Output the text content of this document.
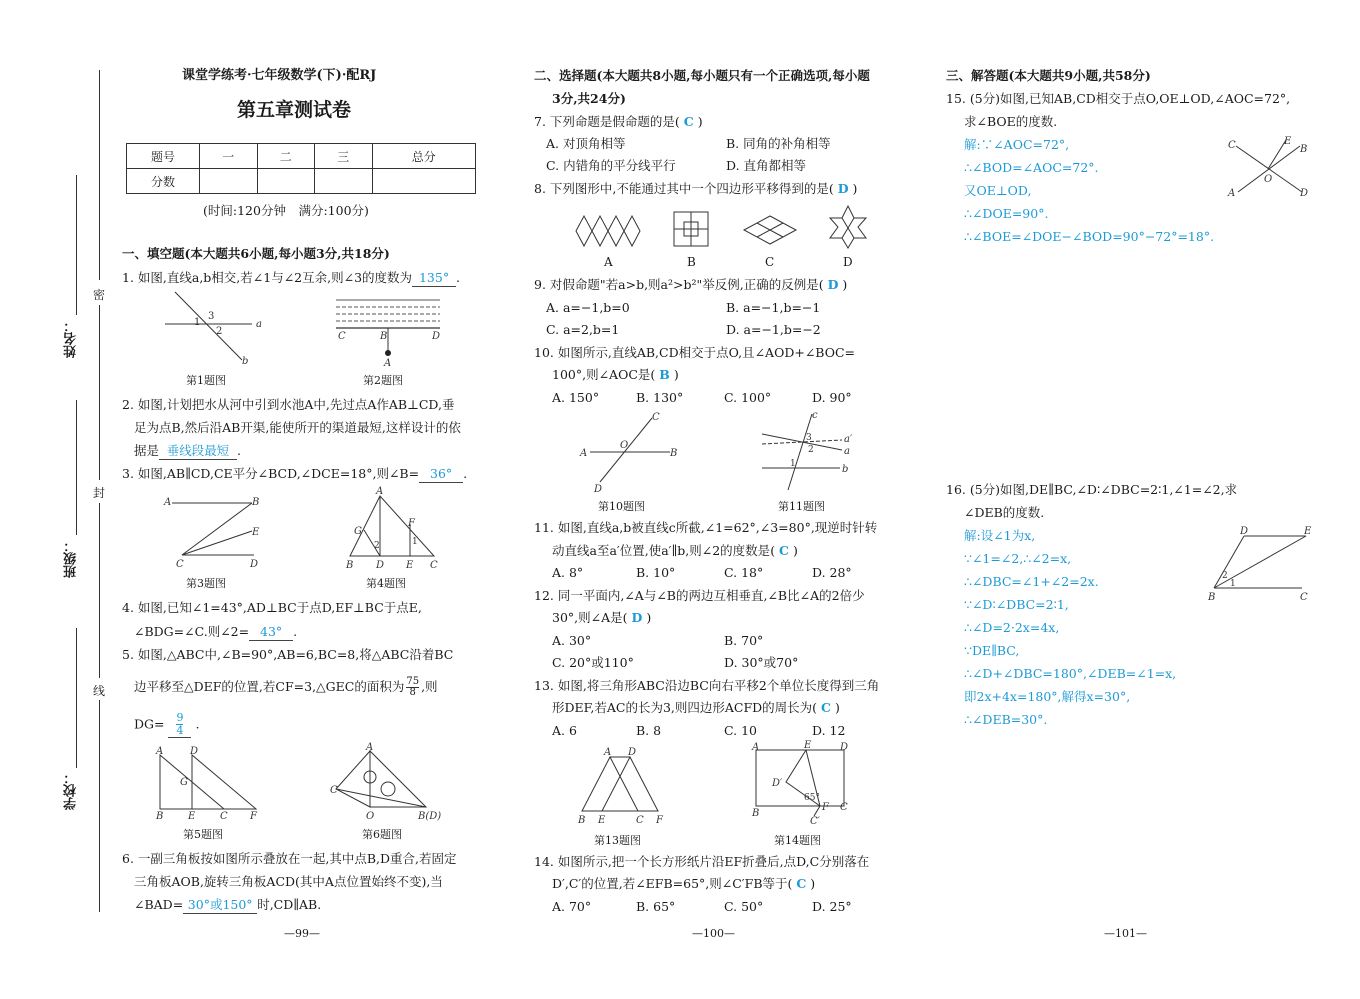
姓名：
班级：
学校：
密
封
线
课堂学练考·七年级数学(下)·配RJ
第五章测试卷
题号	一	二	三	总分
分数				
(时间:120分钟　满分:100分)
一、填空题(本大题共6小题,每小题3分,共18分)
1. 如图,直线a,b相交,若∠1与∠2互余,则∠3的度数为 135° .
1
3
2
a
b
第1题图
C	B	D
A
第2题图
2. 如图,计划把水从河中引到水池A中,先过点A作AB⊥CD,垂
足为点B,然后沿AB开渠,能使所开的渠道最短,这样设计的依
据是 垂线段最短 .
3. 如图,AB∥CD,CE平分∠BCD,∠DCE=18°,则∠B= 36° .
A	B
E
C	D
第3题图
A
G
F
2	1
B D E C
第4题图
4. 如图,已知∠1=43°,AD⊥BC于点D,EF⊥BC于点E,
∠BDG=∠C.则∠2= 43° .
5. 如图,△ABC中,∠B=90°,AB=6,BC=8,将△ABC沿着BC
边平移至△DEF的位置,若CF=3,△GEC的面积为 $\frac{75}{8}$ ,则
$DG= \frac{9}{4}$ .
A	D
G
B E C F
第5题图
A
C
O	B(D)
第6题图
6. 一副三角板按如图所示叠放在一起,其中点B,D重合,若固定
三角板AOB,旋转三角板ACD(其中A点位置始终不变),当
∠BAD= 30°或150° 时,CD∥AB.
—99—
二、选择题(本大题共8小题,每小题只有一个正确选项,每小题
3分,共24分)
7. 下列命题是假命题的是( C )
A. 对顶角相等	B. 同角的补角相等
C. 内错角的平分线平行	D. 直角都相等
8. 下列图形中,不能通过其中一个四边形平移得到的是( D )
A	B	C	D
9. 对假命题"若a>b,则a²>b²"举反例,正确的反例是( D )
A. a=−1,b=0	B. a=−1,b=−1
C. a=2,b=1	D. a=−1,b=−2
10. 如图所示,直线AB,CD相交于点O,且∠AOD+∠BOC=
100°,则∠AOC是( B )
A. 150°	B. 130°	C. 100°	D. 90°
A	B
C
D
O
第10题图
c
3
2
1
a′
a
b
第11题图
11. 如图,直线a,b被直线c所截,∠1=62°,∠3=80°,现逆时针转
动直线a至a′位置,使a′∥b,则∠2的度数是( C )
A. 8°	B. 10°	C. 18°	D. 28°
12. 同一平面内,∠A与∠B的两边互相垂直,∠B比∠A的2倍少
30°,则∠A是( D )
A. 30°	B. 70°
C. 20°或110°	D. 30°或70°
13. 如图,将三角形ABC沿边BC向右平移2个单位长度得到三角
形DEF,若AC的长为3,则四边形ACFD的周长为( C )
A. 6	B. 8	C. 10	D. 12
A D
B E	C F
第13题图
A	E	D
D′
65°
B
F C
C′
第14题图
14. 如图所示,把一个长方形纸片沿EF折叠后,点D,C分别落在
D′,C′的位置,若∠EFB=65°,则∠C′FB等于( C )
A. 70°	B. 65°	C. 50°	D. 25°
—100—
三、解答题(本大题共9小题,共58分)
15. (5分)如图,已知AB,CD相交于点O,OE⊥OD,∠AOC=72°,
求∠BOE的度数.
解:∵∠AOC=72°,
∴∠BOD=∠AOC=72°.
又OE⊥OD,
∴∠DOE=90°.
∴∠BOE=∠DOE−∠BOD=90°−72°=18°.
C	E
B
O
A	D
16. (5分)如图,DE∥BC,∠D∶∠DBC=2∶1,∠1=∠2,求
∠DEB的度数.
解:设∠1为x,
∵∠1=∠2,∴∠2=x,
∴∠DBC=∠1+∠2=2x.
∵∠D∶∠DBC=2∶1,
∴∠D=2·2x=4x,
∵DE∥BC,
∴∠D+∠DBC=180°,∠DEB=∠1=x,
即2x+4x=180°,解得x=30°,
∴∠DEB=30°.
D	E
2
1
B	C
—101—
